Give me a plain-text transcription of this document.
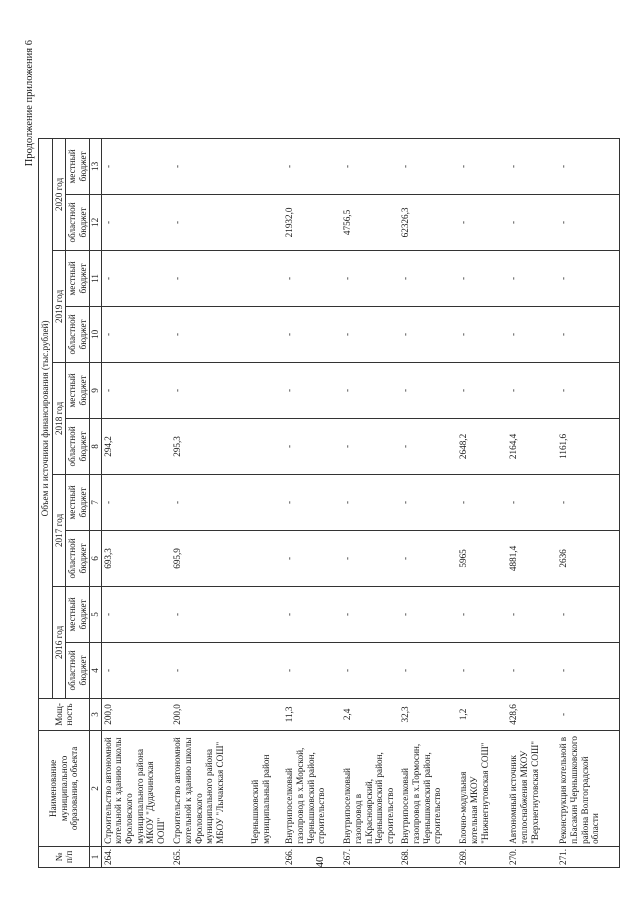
40
Продолжение приложения 6
№
п/п	Наименование муниципального образования, объекта	Мощ-
ность	Объем и источники финансирования (тыс.рублей)									
			2016 год		2017 год		2018 год		2019 год		2020 год	
			областной бюджет	местный бюджет	областной бюджет	местный бюджет	областной бюджет	местный бюджет	областной бюджет	местный бюджет	областной бюджет	местный бюджет
1	2	3	4	5	6	7	8	9	10	11	12	13
264.	Строительство автономной котельной к зданию школы Фроловского муниципального района МКОУ "Дудачинская ООШ"	200,0	-	-	693,3	-	294,2	-	-	-	-	-
265.	Строительство автономной котельной к зданию школы Фроловского муниципального района МБОУ "Лычакская СОШ"	200,0	-	-	695,9	-	295,3	-	-	-	-	-
	Чернышковский муниципальный район											
266.	Внутрипоселковый газопровод в х.Морской, Чернышковский район, строительство	11,3	-	-	-	-	-	-	-	-	21932,0	-
267.	Внутрипоселковый газопровод в п.Красноярский, Чернышковский район, строительство	2,4	-	-	-	-	-	-	-	-	4756,5	-
268.	Внутрипоселковый газопровод в х.Тормосин, Чернышковский район, строительство	32,3	-	-	-	-	-	-	-	-	62326,3	-
269.	Блочно-модульная котельная МКОУ "Нижнегнутовская СОШ"	1,2	-	-	5965	-	2648,2	-	-	-	-	-
270.	Автономный источник теплоснабжения МКОУ "Верхнегнутовская СОШ"	428,6	-	-	4881,4	-	2164,4	-	-	-	-	-
271.	Реконструкция котельной в п.Басакин Чернышковского района Волгоградской области	-	-	-	2636	-	1161,6	-	-	-	-	-
